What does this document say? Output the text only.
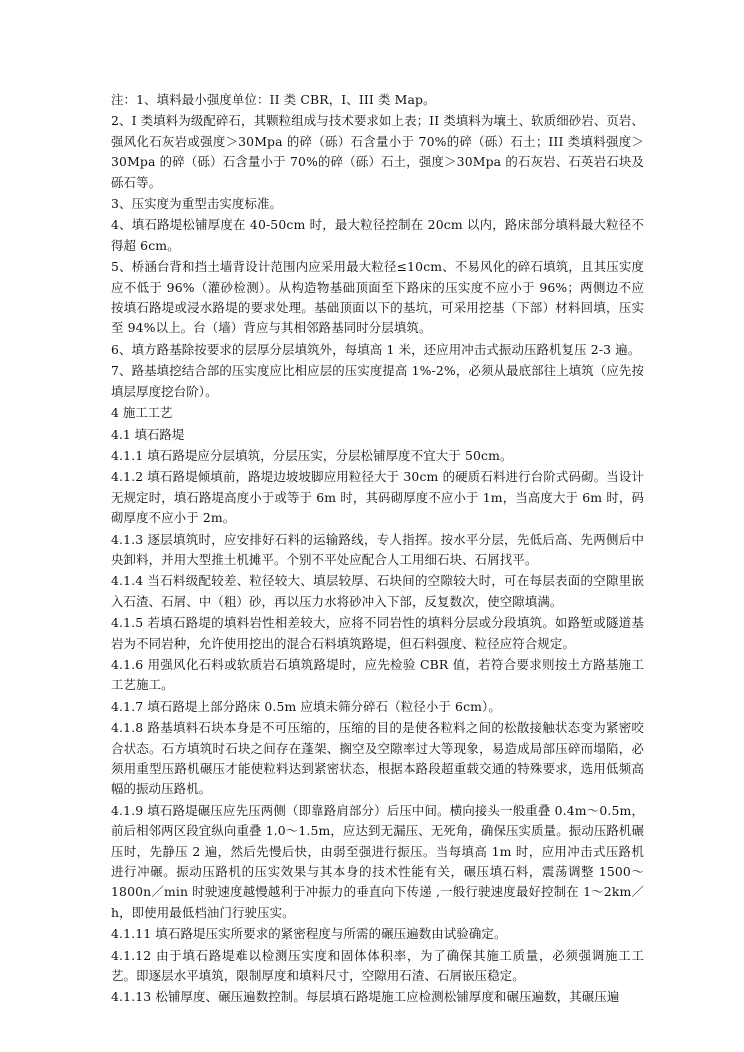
注：1、填料最小强度单位：II 类 CBR，I、III 类 Map。

2、I 类填料为级配碎石，其颗粒组成与技术要求如上表；II 类填料为壤土、软质细砂岩、页岩、强风化石灰岩或强度＞30Mpa 的碎（砾）石含量小于 70%的碎（砾）石土；III 类填料强度＞30Mpa 的碎（砾）石含量小于 70%的碎（砾）石土，强度＞30Mpa 的石灰岩、石英岩石块及砾石等。

3、压实度为重型击实度标准。

4、填石路堤松铺厚度在 40-50cm 时，最大粒径控制在 20cm 以内，路床部分填料最大粒径不得超 6cm。

5、桥涵台背和挡土墙背设计范围内应采用最大粒径≤10cm、不易风化的碎石填筑，且其压实度应不低于 96%（灌砂检测）。从构造物基础顶面至下路床的压实度不应小于 96%；两侧边不应按填石路堤或浸水路堤的要求处理。基础顶面以下的基坑，可采用挖基（下部）材料回填，压实至 94%以上。台（墙）背应与其相邻路基同时分层填筑。

6、填方路基除按要求的层厚分层填筑外，每填高 1 米，还应用冲击式振动压路机复压 2-3 遍。

7、路基填挖结合部的压实度应比相应层的压实度提高 1%-2%，必须从最底部往上填筑（应先按填层厚度挖台阶）。

4 施工工艺

4.1 填石路堤

4.1.1 填石路堤应分层填筑，分层压实，分层松铺厚度不宜大于 50cm。

4.1.2 填石路堤倾填前，路堤边坡坡脚应用粒径大于 30cm 的硬质石料进行台阶式码砌。当设计无规定时，填石路堤高度小于或等于 6m 时，其码砌厚度不应小于 1m，当高度大于 6m 时，码砌厚度不应小于 2m。

4.1.3 逐层填筑时，应安排好石料的运输路线，专人指挥。按水平分层，先低后高、先两侧后中央卸料，并用大型推土机摊平。个别不平处应配合人工用细石块、石屑找平。

4.1.4 当石料级配较差、粒径较大、填层较厚、石块间的空隙较大时，可在每层表面的空隙里嵌入石渣、石屑、中（粗）砂，再以压力水将砂冲入下部，反复数次，使空隙填满。

4.1.5 若填石路堤的填料岩性相差较大，应将不同岩性的填料分层或分段填筑。如路堑或隧道基岩为不同岩种，允许使用挖出的混合石料填筑路堤，但石料强度、粒径应符合规定。

4.1.6 用强风化石料或软质岩石填筑路堤时，应先检验 CBR 值，若符合要求则按土方路基施工工艺施工。

4.1.7 填石路堤上部分路床 0.5m 应填未筛分碎石（粒径小于 6cm）。

4.1.8 路基填料石块本身是不可压缩的，压缩的目的是使各粒料之间的松散接触状态变为紧密咬合状态。石方填筑时石块之间存在蓬架、搁空及空隙率过大等现象，易造成局部压碎而塌陷，必须用重型压路机碾压才能使粒料达到紧密状态，根据本路段超重载交通的特殊要求，选用低频高幅的振动压路机。

4.1.9 填石路堤碾压应先压两侧（即靠路肩部分）后压中间。横向接头一般重叠 0.4m～0.5m，前后相邻两区段宜纵向重叠 1.0～1.5m，应达到无漏压、无死角，确保压实质量。振动压路机碾压时，先静压 2 遍，然后先慢后快，由弱至强进行振压。当每填高 1m 时，应用冲击式压路机进行冲碾。振动压路机的压实效果与其本身的技术性能有关，碾压填石料，震荡调整 1500～1800n／min 时驶速度越慢越利于冲振力的垂直向下传递 ,一般行驶速度最好控制在 1～2km／h，即使用最低档油门行驶压实。

4.1.11 填石路堤压实所要求的紧密程度与所需的碾压遍数由试验确定。

4.1.12 由于填石路堤难以检测压实度和固体体积率，为了确保其施工质量，必须强调施工工艺。即逐层水平填筑，限制厚度和填料尺寸，空隙用石渣、石屑嵌压稳定。

4.1.13 松铺厚度、碾压遍数控制。每层填石路堤施工应检测松铺厚度和碾压遍数，其碾压遍
